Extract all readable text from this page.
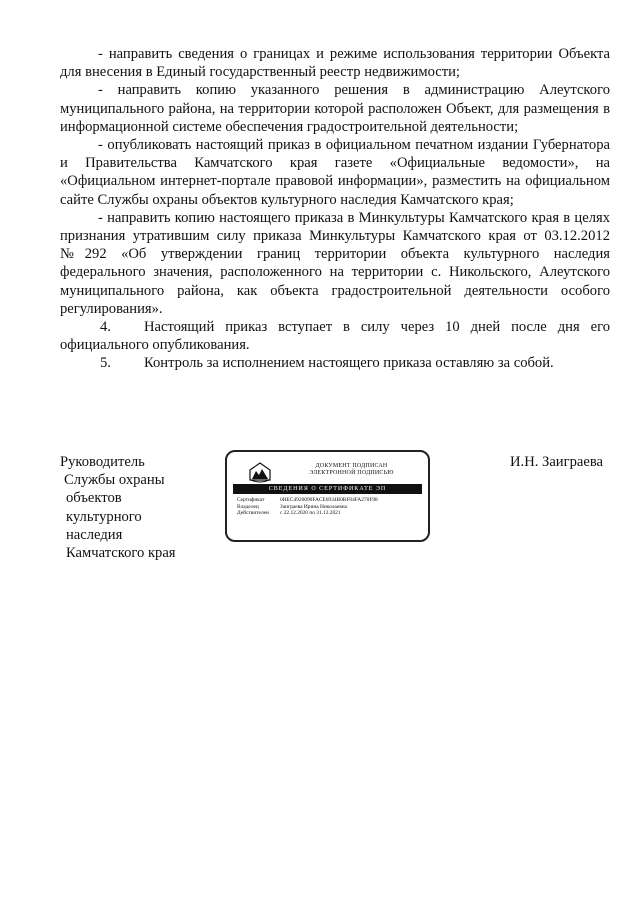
- направить сведения о границах и режиме использования территории Объекта для внесения в Единый государственный реестр недвижимости;

- направить копию указанного решения в администрацию Алеутского муниципального района, на территории которой расположен Объект, для размещения в информационной системе обеспечения градостроительной деятельности;

- опубликовать настоящий приказ в официальном печатном издании Губернатора и Правительства Камчатского края газете «Официальные ведомости», на «Официальном интернет-портале правовой информации», разместить на официальном сайте Службы охраны объектов культурного наследия Камчатского края;

- направить копию настоящего приказа в Минкультуры Камчатского края в целях признания утратившим силу приказа Минкультуры Камчатского края от 03.12.2012 №292 «Об утверждении границ территории объекта культурного наследия федерального значения, расположенного на территории с. Никольского, Алеутского муниципального района, как объекта градостроительной деятельности особого регулирования».

4. Настоящий приказ вступает в силу через 10 дней после дня его официального опубликования.

5. Контроль за исполнением настоящего приказа оставляю за собой.

Руководитель
Службы охраны
объектов
культурного
наследия
Камчатского края
ДОКУМЕНТ ПОДПИСАН
ЭЛЕКТРОННОЙ ПОДПИСЬЮ
СВЕДЕНИЯ О СЕРТИФИКАТЕ ЭП
Сертификат	0HEC4920090FACE6934B0BF04FA270F98
Владелец	Заиграева Ирина Николаевна
Действителен	с 22.12.2020 по 31.12.2021
И.Н. Заиграева
